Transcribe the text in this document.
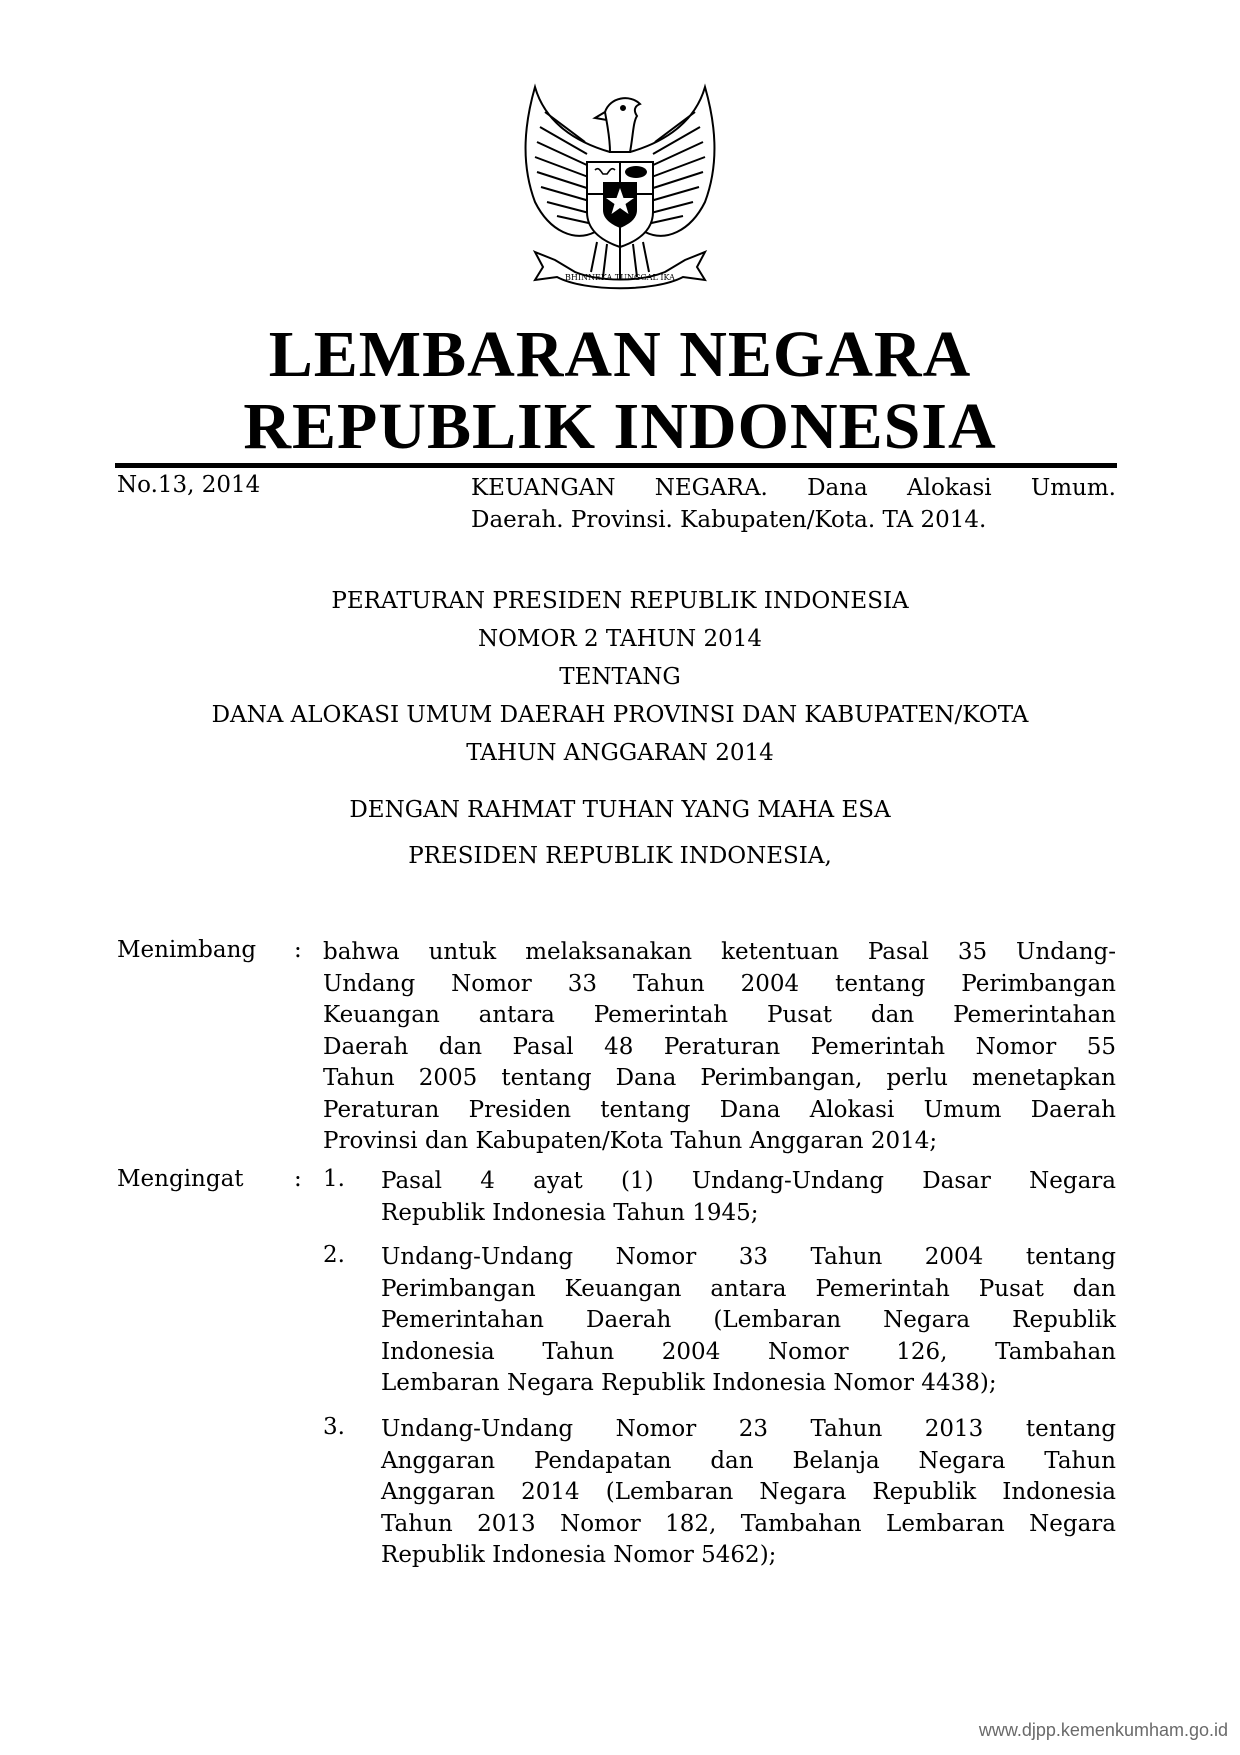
BHINNEKA TUNGGAL IKA
LEMBARAN NEGARA
REPUBLIK INDONESIA
No.13, 2014	KEUANGAN NEGARA. Dana Alokasi Umum.
Daerah. Provinsi. Kabupaten/Kota. TA 2014.
PERATURAN PRESIDEN REPUBLIK INDONESIA
NOMOR 2 TAHUN 2014
TENTANG
DANA ALOKASI UMUM DAERAH PROVINSI DAN KABUPATEN/KOTA
TAHUN ANGGARAN 2014
DENGAN RAHMAT TUHAN YANG MAHA ESA
PRESIDEN REPUBLIK INDONESIA,
Menimbang : bahwa untuk melaksanakan ketentuan Pasal 35 Undang-
Undang Nomor 33 Tahun 2004 tentang Perimbangan
Keuangan antara Pemerintah Pusat dan Pemerintahan
Daerah dan Pasal 48 Peraturan Pemerintah Nomor 55
Tahun 2005 tentang Dana Perimbangan, perlu menetapkan
Peraturan Presiden tentang Dana Alokasi Umum Daerah
Provinsi dan Kabupaten/Kota Tahun Anggaran 2014;
Mengingat : 1. Pasal 4 ayat (1) Undang-Undang Dasar Negara
Republik Indonesia Tahun 1945;
2. Undang-Undang Nomor 33 Tahun 2004 tentang
Perimbangan Keuangan antara Pemerintah Pusat dan
Pemerintahan Daerah (Lembaran Negara Republik
Indonesia Tahun 2004 Nomor 126, Tambahan
Lembaran Negara Republik Indonesia Nomor 4438);
3. Undang-Undang Nomor 23 Tahun 2013 tentang
Anggaran Pendapatan dan Belanja Negara Tahun
Anggaran 2014 (Lembaran Negara Republik Indonesia
Tahun 2013 Nomor 182, Tambahan Lembaran Negara
Republik Indonesia Nomor 5462);
www.djpp.kemenkumham.go.id
